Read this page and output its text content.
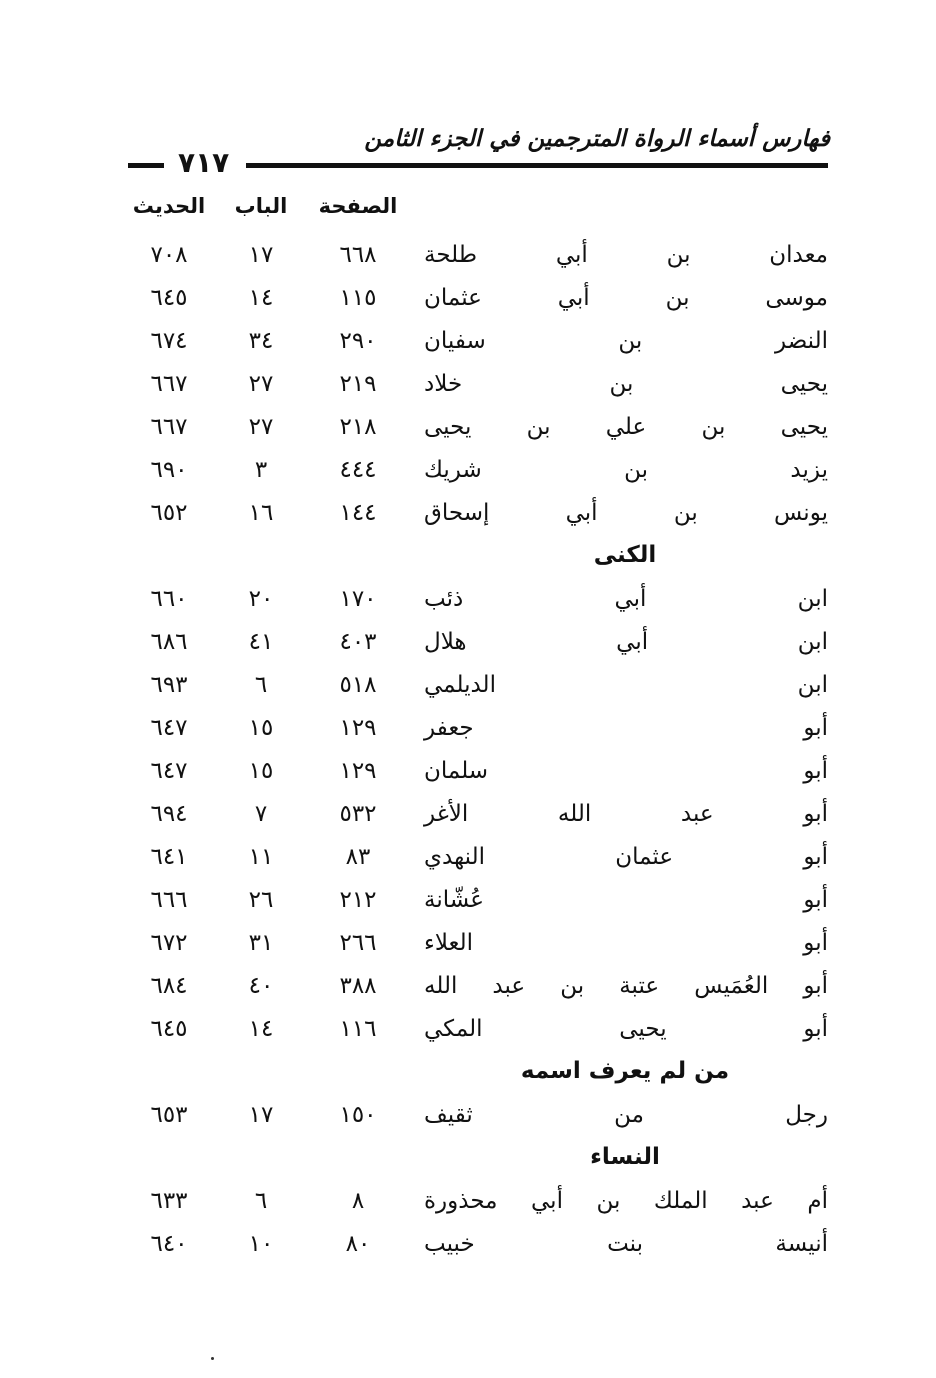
فهارس أسماء الرواة المترجمين في الجزء الثامن
٧١٧
الصفحة
الباب
الحديث
معدان بن أبي طلحة
٦٦٨
١٧
٧٠٨
موسى بن أبي عثمان
١١٥
١٤
٦٤٥
النضر بن سفيان
٢٩٠
٣٤
٦٧٤
يحيى بن خلاد
٢١٩
٢٧
٦٦٧
يحيى بن علي بن يحيى
٢١٨
٢٧
٦٦٧
يزيد بن شريك
٤٤٤
٣
٦٩٠
يونس بن أبي إسحاق
١٤٤
١٦
٦٥٢
الكنى
ابن أبي ذئب
١٧٠
٢٠
٦٦٠
ابن أبي هلال
٤٠٣
٤١
٦٨٦
ابن الديلمي
٥١٨
٦
٦٩٣
أبو جعفر
١٢٩
١٥
٦٤٧
أبو سلمان
١٢٩
١٥
٦٤٧
أبو عبد الله الأغر
٥٣٢
٧
٦٩٤
أبو عثمان النهدي
٨٣
١١
٦٤١
أبو عُشّانة
٢١٢
٢٦
٦٦٦
أبو العلاء
٢٦٦
٣١
٦٧٢
أبو العُمَيس عتبة بن عبد الله
٣٨٨
٤٠
٦٨٤
أبو يحيى المكي
١١٦
١٤
٦٤٥
من لم يعرف اسمه
رجل من ثقيف
١٥٠
١٧
٦٥٣
النساء
أم عبد الملك بن أبي محذورة
٨
٦
٦٣٣
أنيسة بنت خبيب
٨٠
١٠
٦٤٠
